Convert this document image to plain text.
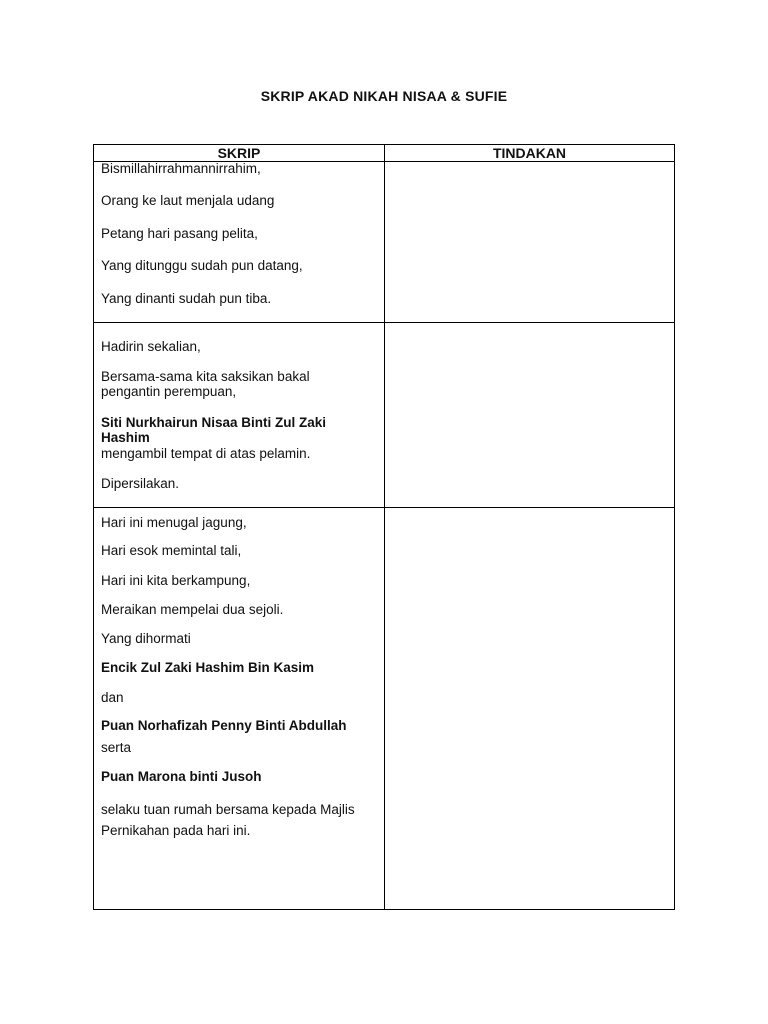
SKRIP AKAD NIKAH NISAA & SUFIE
SKRIP	TINDAKAN
Bismillahirrahmannirrahim,
Orang ke laut menjala udang
Petang hari pasang pelita,
Yang ditunggu sudah pun datang,
Yang dinanti sudah pun tiba.
Hadirin sekalian,
Bersama-sama kita saksikan bakal pengantin perempuan,
Siti Nurkhairun Nisaa Binti Zul Zaki Hashim
mengambil tempat di atas pelamin.
Dipersilakan.
Hari ini menugal jagung,
Hari esok memintal tali,
Hari ini kita berkampung,
Meraikan mempelai dua sejoli.
Yang dihormati
Encik Zul Zaki Hashim Bin Kasim
dan
Puan Norhafizah Penny Binti Abdullah
serta
Puan Marona binti Jusoh
selaku tuan rumah bersama kepada Majlis Pernikahan pada hari ini.
